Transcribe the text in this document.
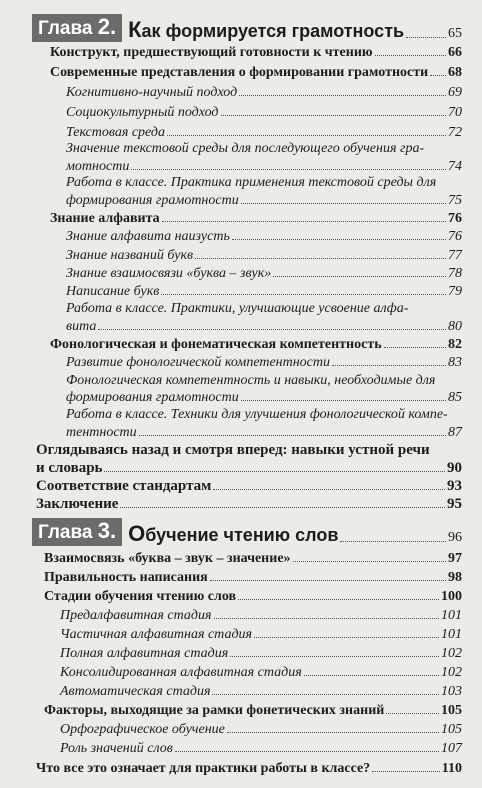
Глава 2. Как формируется грамотность	65
Конструкт, предшествующий готовности к чтению	66
Современные представления о формировании грамотности 68
Когнитивно-научный подход	69
Социокультурный подход	70
Текстовая среда	72
Значение текстовой среды для последующего обучения гра-
мотности	74
Работа в классе. Практика применения текстовой среды для
формирования грамотности	75
Знание алфавита	76
Знание алфавита наизусть	76
Знание названий букв	77
Знание взаимосвязи «буква – звук»	78
Написание букв	79
Работа в классе. Практики, улучшающие усвоение алфа-
вита	80
Фонологическая и фонематическая компетентность	82
Развитие фонологической компетентности	83
Фонологическая компетентность и навыки, необходимые для
формирования грамотности	85
Работа в классе. Техники для улучшения фонологической компе-
тентности	87
Оглядываясь назад и смотря вперед: навыки устной речи
и словарь	90
Соответствие стандартам	93
Заключение	95
Глава 3. Обучение чтению слов	96
Взаимосвязь «буква – звук – значение»	97
Правильность написания	98
Стадии обучения чтению слов	100
Предалфавитная стадия	101
Частичная алфавитная стадия	101
Полная алфавитная стадия	102
Консолидированная алфавитная стадия	102
Автоматическая стадия	103
Факторы, выходящие за рамки фонетических знаний	105
Орфографическое обучение	105
Роль значений слов	107
Что все это означает для практики работы в классе?	110
